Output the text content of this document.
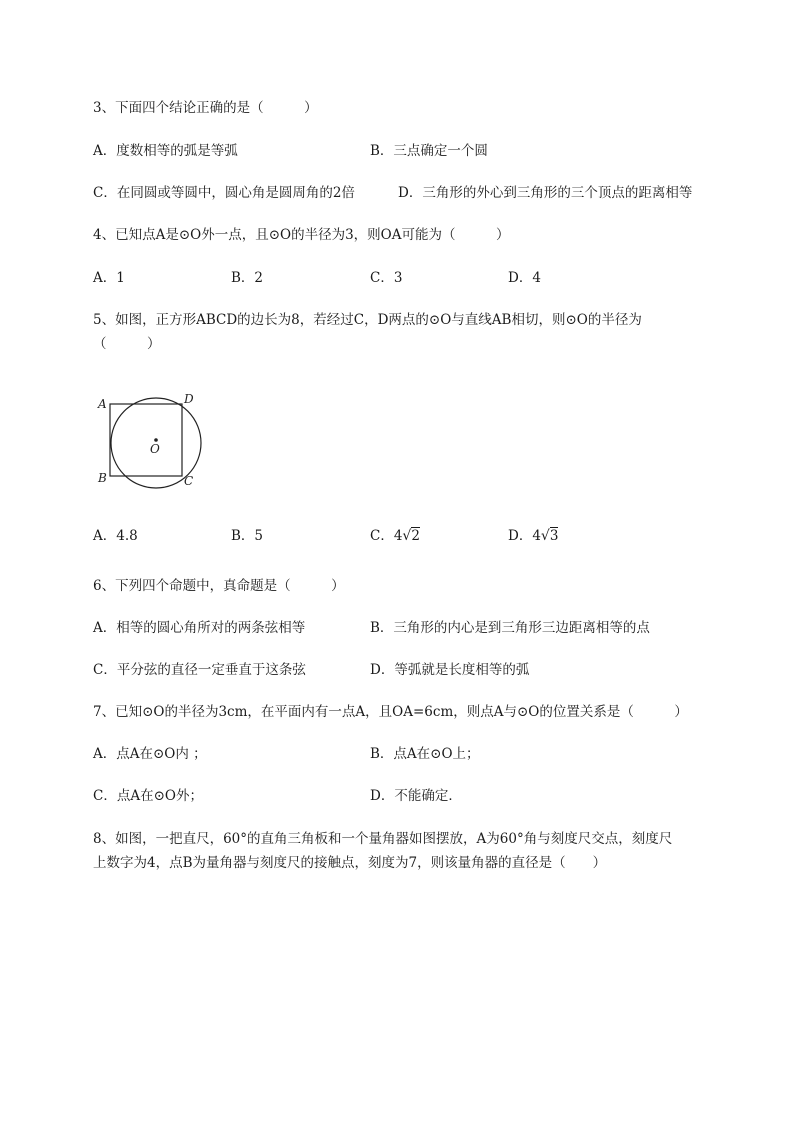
3、下面四个结论正确的是（　　　）
A．度数相等的弧是等弧	B．三点确定一个圆
C．在同圆或等圆中，圆心角是圆周角的2倍	D．三角形的外心到三角形的三个顶点的距离相等
4、已知点A是⊙O外一点，且⊙O的半径为3，则OA可能为（　　　）
A．1	B．2	C．3	D．4
5、如图，正方形ABCD的边长为8，若经过C，D两点的⊙O与直线AB相切，则⊙O的半径为
（　　　）
A
B	C
D
O
A．4.8	B．5	C．4√2	D．4√3
6、下列四个命题中，真命题是（　　　）
A．相等的圆心角所对的两条弦相等	B．三角形的内心是到三角形三边距离相等的点
C．平分弦的直径一定垂直于这条弦	D．等弧就是长度相等的弧
7、已知⊙O的半径为3cm，在平面内有一点A，且OA=6cm，则点A与⊙O的位置关系是（　　　）
A．点A在⊙O内 ；	B．点A在⊙O上；
C．点A在⊙O外；	D．不能确定．
8、如图，一把直尺，60°的直角三角板和一个量角器如图摆放，A为60°角与刻度尺交点，刻度尺
上数字为4，点B为量角器与刻度尺的接触点，刻度为7，则该量角器的直径是（　　）
